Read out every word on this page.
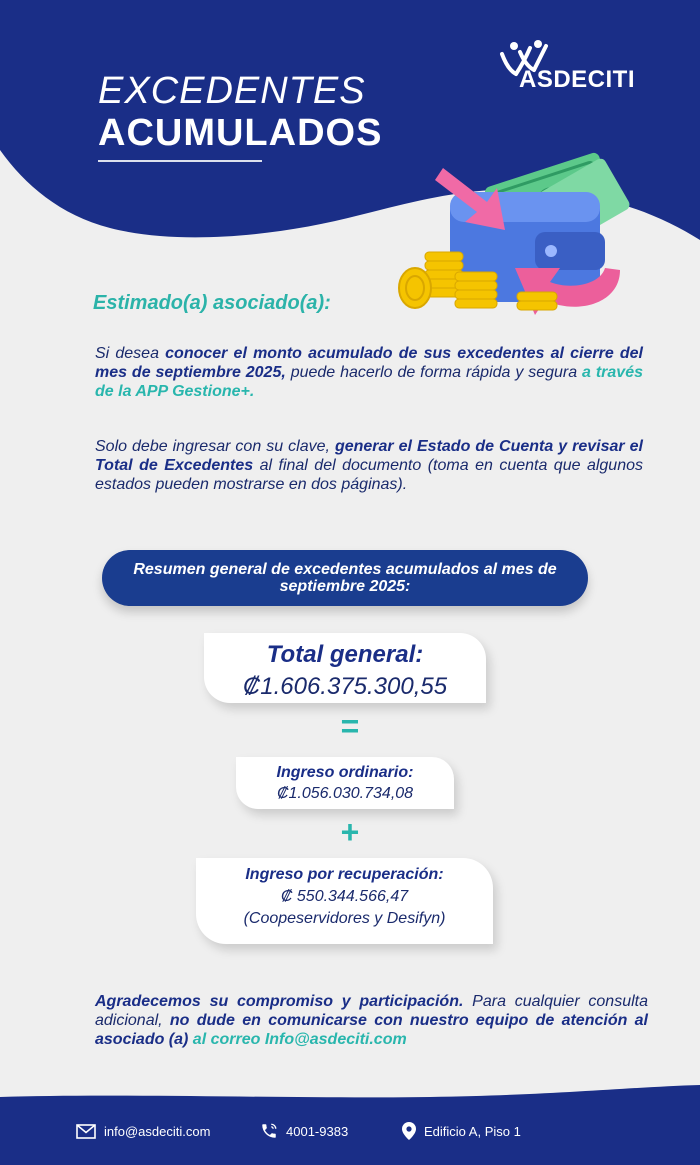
EXCEDENTES
ACUMULADOS
ASDECITI
Estimado(a) asociado(a):
Si desea conocer el monto acumulado de sus excedentes al cierre del mes de septiembre 2025, puede hacerlo de forma rápida y segura a través de la APP Gestione+.
Solo debe ingresar con su clave, generar el Estado de Cuenta y revisar el Total de Excedentes al final del documento (toma en cuenta que algunos estados pueden mostrarse en dos páginas).
Resumen general de excedentes acumulados al mes de septiembre 2025:
Total general:
₡1.606.375.300,55
=
Ingreso ordinario:
₡1.056.030.734,08
+
Ingreso por recuperación:
₡ 550.344.566,47
(Coopeservidores y Desifyn)
Agradecemos su compromiso y participación. Para cualquier consulta adicional, no dude en comunicarse con nuestro equipo de atención al asociado (a) al correo Info@asdeciti.com
info@asdeciti.com	4001-9383	Edificio A, Piso 1
